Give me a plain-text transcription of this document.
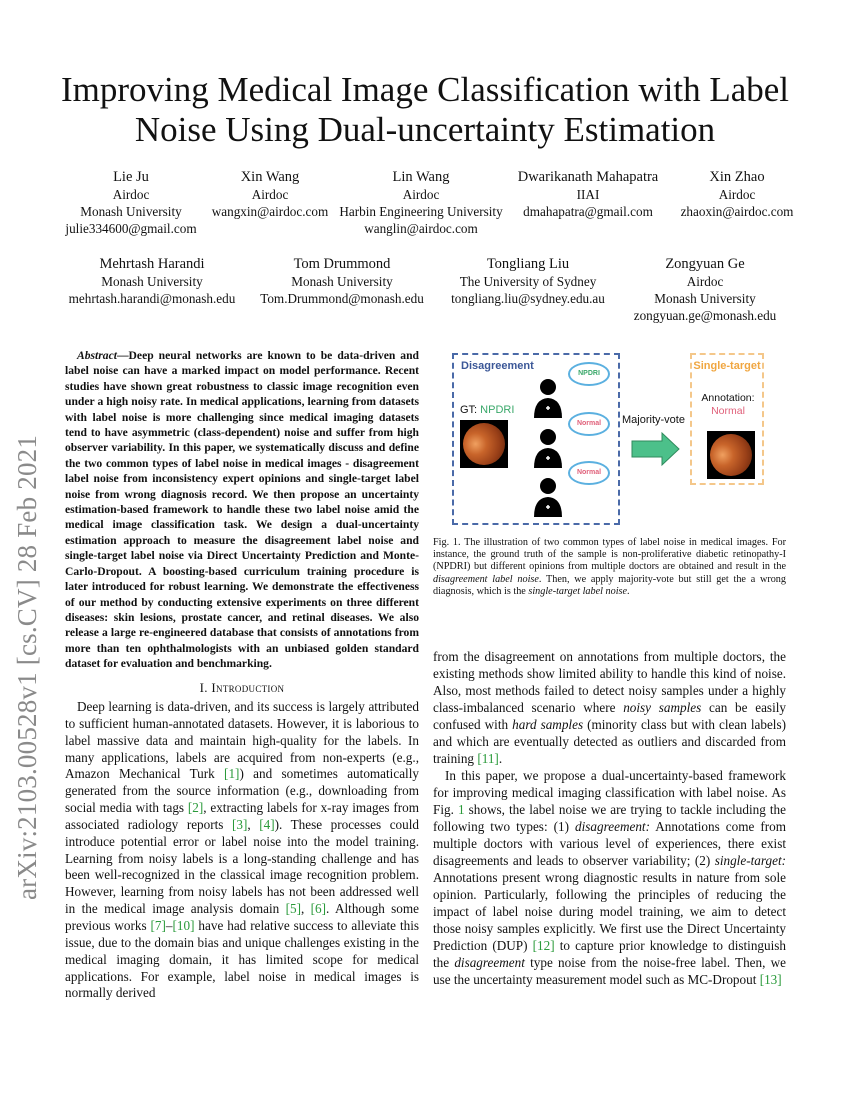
arXiv:2103.00528v1 [cs.CV] 28 Feb 2021
Improving Medical Image Classification with Label Noise Using Dual-uncertainty Estimation
Lie Ju
Airdoc
Monash University
julie334600@gmail.com
Xin Wang
Airdoc
wangxin@airdoc.com
Lin Wang
Airdoc
Harbin Engineering University
wanglin@airdoc.com
Dwarikanath Mahapatra
IIAI
dmahapatra@gmail.com
Xin Zhao
Airdoc
zhaoxin@airdoc.com
Mehrtash Harandi
Monash University
mehrtash.harandi@monash.edu
Tom Drummond
Monash University
Tom.Drummond@monash.edu
Tongliang Liu
The University of Sydney
tongliang.liu@sydney.edu.au
Zongyuan Ge
Airdoc
Monash University
zongyuan.ge@monash.edu
Abstract—Deep neural networks are known to be data-driven and label noise can have a marked impact on model performance. Recent studies have shown great robustness to classic image recognition even under a high noisy rate. In medical applications, learning from datasets with label noise is more challenging since medical imaging datasets tend to have asymmetric (class-dependent) noise and suffer from high observer variability. In this paper, we systematically discuss and define the two common types of label noise in medical images - disagreement label noise from inconsistency expert opinions and single-target label noise from wrong diagnosis record. We then propose an uncertainty estimation-based framework to handle these two label noise amid the medical image classification task. We design a dual-uncertainty estimation approach to measure the disagreement label noise and single-target label noise via Direct Uncertainty Prediction and Monte-Carlo-Dropout. A boosting-based curriculum training procedure is later introduced for robust learning. We demonstrate the effectiveness of our method by conducting extensive experiments on three different diseases: skin lesions, prostate cancer, and retinal diseases. We also release a large re-engineered database that consists of annotations from more than ten ophthalmologists with an unbiased golden standard dataset for evaluation and benchmarking.
I. Introduction

Deep learning is data-driven, and its success is largely attributed to sufficient human-annotated datasets. However, it is laborious to label massive data and maintain high-quality for the labels. In many applications, labels are acquired from non-experts (e.g., Amazon Mechanical Turk [1]) and sometimes automatically generated from the source information (e.g., downloading from social media with tags [2], extracting labels for x-ray images from associated radiology reports [3], [4]). These processes could introduce potential error or label noise into the model training. Learning from noisy labels is a long-standing challenge and has been well-recognized in the classical image recognition problem. However, learning from noisy labels has not been addressed well in the medical image analysis domain [5], [6]. Although some previous works [7]–[10] have had relative success to alleviate this issue, due to the domain bias and unique challenges existing in the medical imaging domain, it has limited scope for medical applications. For example, label noise in medical images is normally derived

from the disagreement on annotations from multiple doctors, the existing methods show limited ability to handle this kind of noise. Also, most methods failed to detect noisy samples under a highly class-imbalanced scenario where noisy samples can be easily confused with hard samples (minority class but with clean labels) and which are eventually detected as outliers and discarded from training [11].

In this paper, we propose a dual-uncertainty-based framework for improving medical imaging classification with label noise. As Fig. 1 shows, the label noise we are trying to tackle including the following two types: (1) disagreement: Annotations come from multiple doctors with various level of experiences, there exist disagreements and leads to observer variability; (2) single-target: Annotations present wrong diagnostic results in nature from sole opinion. Particularly, following the principles of reducing the impact of label noise during model training, we aim to detect those noisy samples explicitly. We first use the Direct Uncertainty Prediction (DUP) [12] to capture prior knowledge to distinguish the disagreement type noise from the noise-free label. Then, we use the uncertainty measurement model such as MC-Dropout [13]

Disagreement	Single-target
GT: NPDRI
NPDRI
Normal
Normal
Majority-vote
Annotation:
Normal
Fig. 1. The illustration of two common types of label noise in medical images. For instance, the ground truth of the sample is non-proliferative diabetic retinopathy-I (NPDRI) but different opinions from multiple doctors are obtained and result in the disagreement label noise. Then, we apply majority-vote but still get the a wrong diagnosis, which is the single-target label noise.
